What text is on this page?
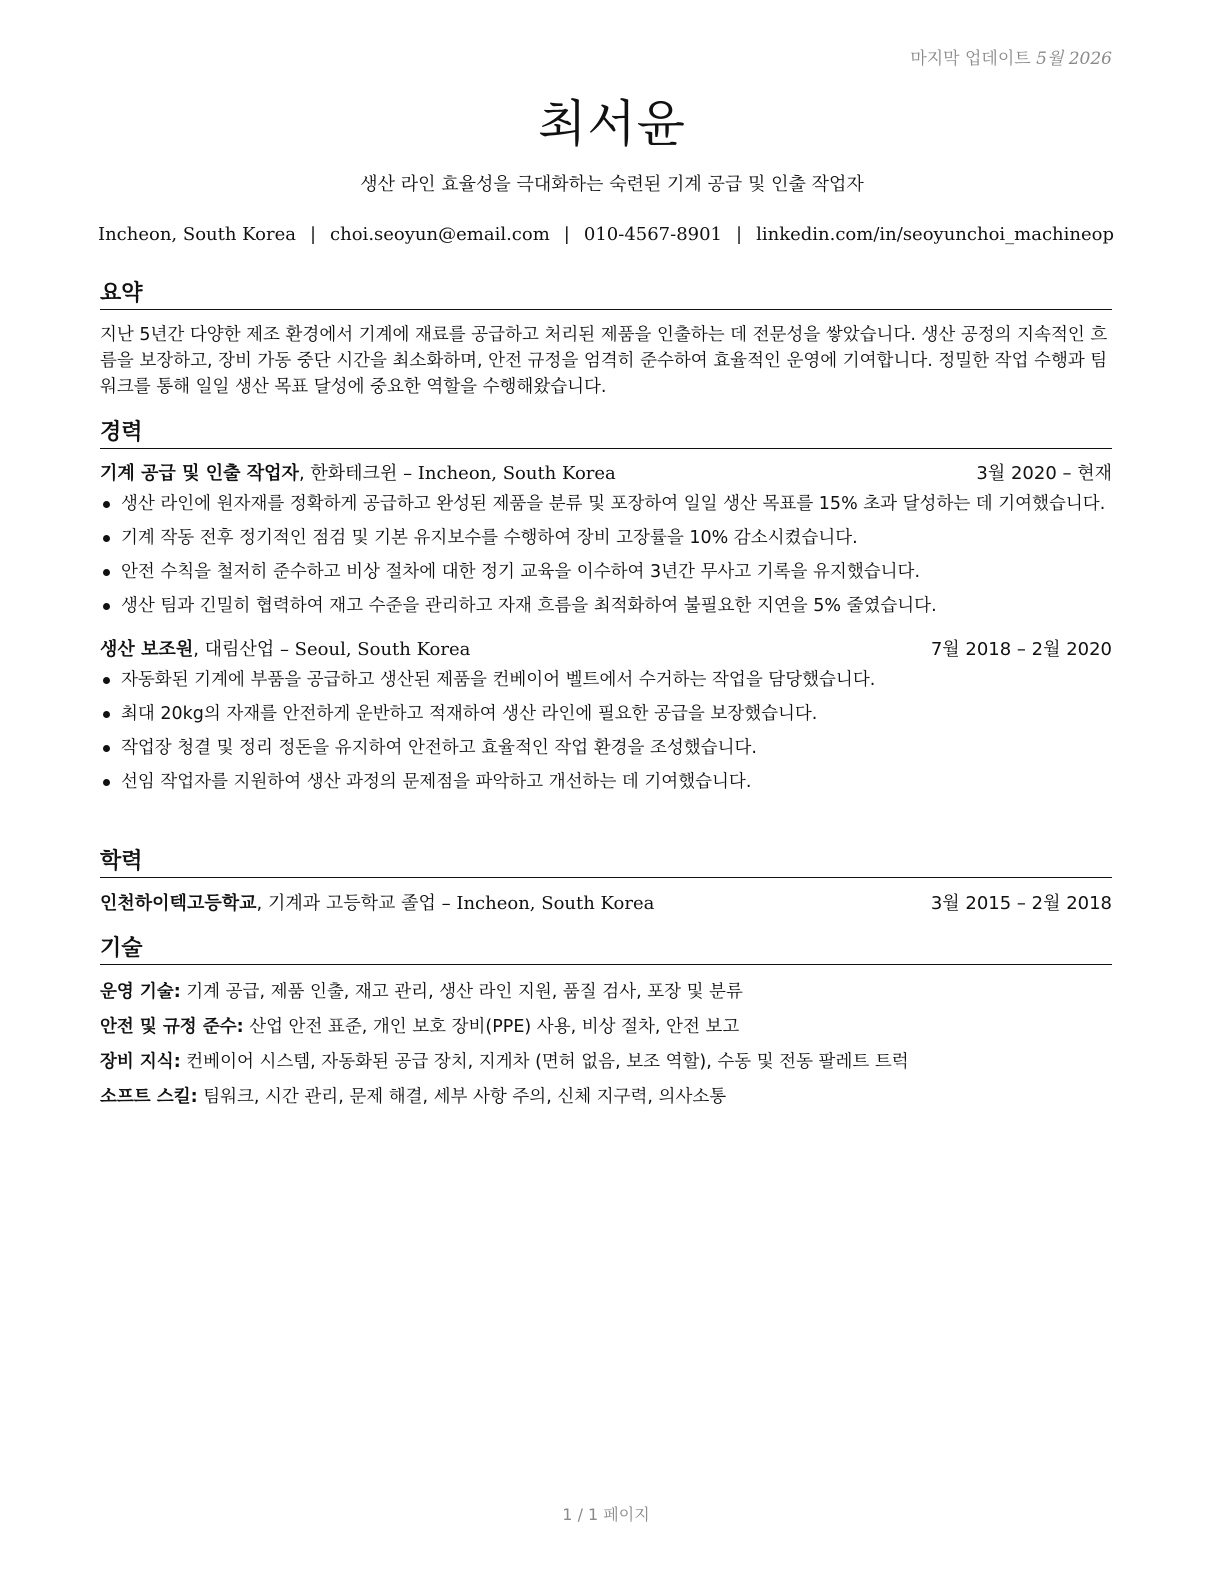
마지막 업데이트 5월 2026
최서윤
생산 라인 효율성을 극대화하는 숙련된 기계 공급 및 인출 작업자
Incheon, South Korea | choi.seoyun@email.com | 010-4567-8901 | linkedin.com/in/seoyunchoi_machineop
요약

지난 5년간 다양한 제조 환경에서 기계에 재료를 공급하고 처리된 제품을 인출하는 데 전문성을 쌓았습니다. 생산 공정의 지속적인 흐름을 보장하고, 장비 가동 중단 시간을 최소화하며, 안전 규정을 엄격히 준수하여 효율적인 운영에 기여합니다. 정밀한 작업 수행과 팀워크를 통해 일일 생산 목표 달성에 중요한 역할을 수행해왔습니다.

경력
기계 공급 및 인출 작업자, 한화테크윈 – Incheon, South Korea	3월 2020 – 현재
생산 라인에 원자재를 정확하게 공급하고 완성된 제품을 분류 및 포장하여 일일 생산 목표를 15% 초과 달성하는 데 기여했습니다.
기계 작동 전후 정기적인 점검 및 기본 유지보수를 수행하여 장비 고장률을 10% 감소시켰습니다.
안전 수칙을 철저히 준수하고 비상 절차에 대한 정기 교육을 이수하여 3년간 무사고 기록을 유지했습니다.
생산 팀과 긴밀히 협력하여 재고 수준을 관리하고 자재 흐름을 최적화하여 불필요한 지연을 5% 줄였습니다.
생산 보조원, 대림산업 – Seoul, South Korea	7월 2018 – 2월 2020
자동화된 기계에 부품을 공급하고 생산된 제품을 컨베이어 벨트에서 수거하는 작업을 담당했습니다.
최대 20kg의 자재를 안전하게 운반하고 적재하여 생산 라인에 필요한 공급을 보장했습니다.
작업장 청결 및 정리 정돈을 유지하여 안전하고 효율적인 작업 환경을 조성했습니다.
선임 작업자를 지원하여 생산 과정의 문제점을 파악하고 개선하는 데 기여했습니다.
학력
인천하이텍고등학교, 기계과 고등학교 졸업 – Incheon, South Korea	3월 2015 – 2월 2018
기술
운영 기술: 기계 공급, 제품 인출, 재고 관리, 생산 라인 지원, 품질 검사, 포장 및 분류
안전 및 규정 준수: 산업 안전 표준, 개인 보호 장비(PPE) 사용, 비상 절차, 안전 보고
장비 지식: 컨베이어 시스템, 자동화된 공급 장치, 지게차 (면허 없음, 보조 역할), 수동 및 전동 팔레트 트럭
소프트 스킬: 팀워크, 시간 관리, 문제 해결, 세부 사항 주의, 신체 지구력, 의사소통
1 / 1 페이지
